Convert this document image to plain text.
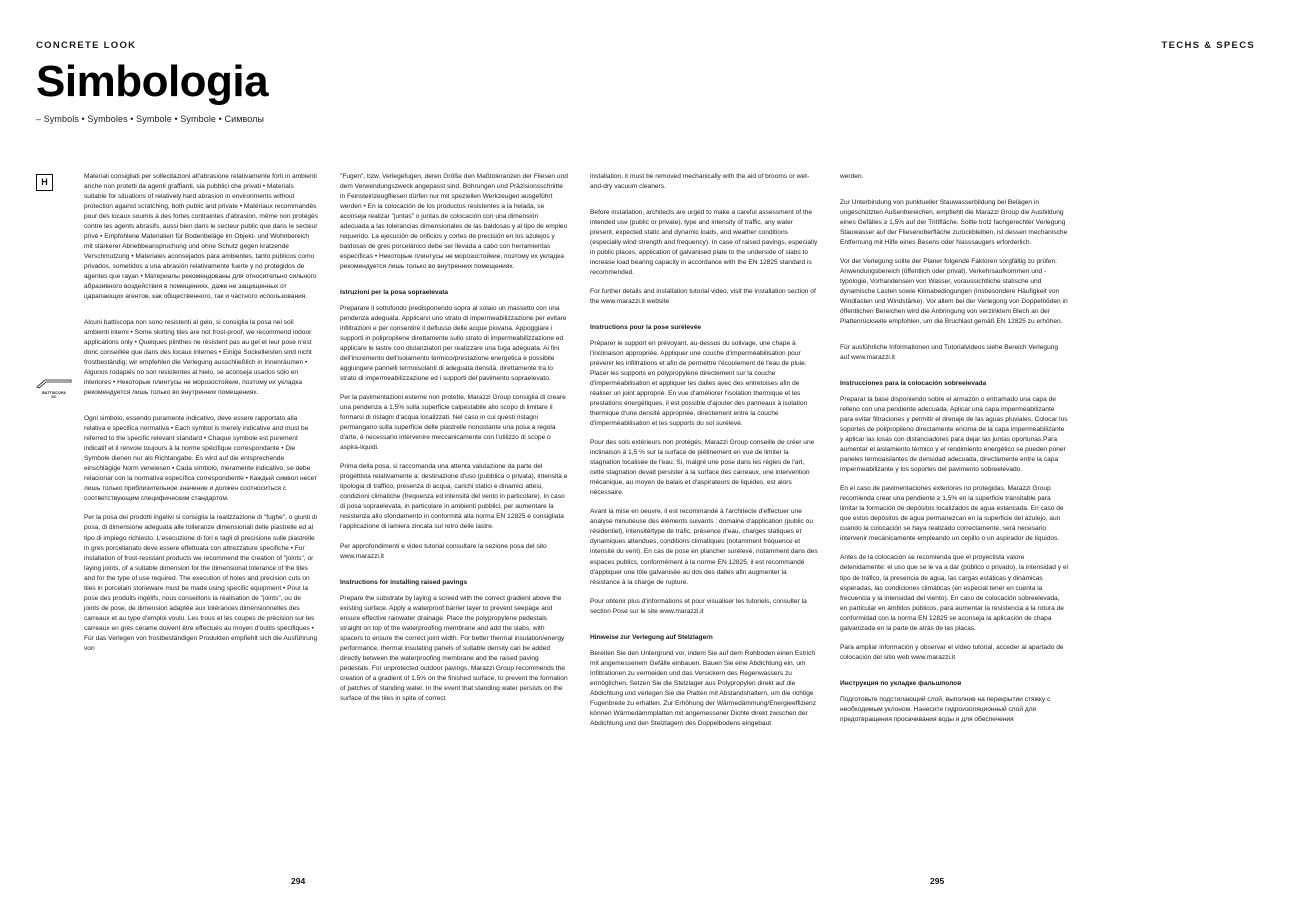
CONCRETE LOOK	TECHS & SPECS
Simbologia
– Symbols • Symboles • Symbole • Symbole • Символы
H
BATTISCOPA
SC

Materiali consigliati per sollecitazioni all'abrasione relativamente forti in ambienti anche non protetti da agenti graffianti, sia pubblici che privati • Materials suitable for situations of relatively hard abrasion in environments without protection against scratching, both public and private • Matériaux recommandés pour des locaux soumis à des fortes contraintes d'abrasion, même non protégés contre les agents abrasifs, aussi bien dans le secteur public que dans le secteur privé • Empfohlene Materialien für Bodenbeläge im Objekt- und Wohnbereich mit stärkerer Abriebbeanspruchung und ohne Schutz gegen kratzende Verschmutzung • Materiales aconsejados para ambientes, tanto públicos como privados, sometidos a una abrasión relativamente fuerte y no protegidos de agentes que rayan • Материалы рекомендованы для относительно сильного абразивного воздействия в помещениях, даже не защищенных от царапающих агентов, как общественного, так и частного использования.

Alcuni battiscopa non sono resistenti al gelo, si consiglia la posa nei soli ambienti interni • Some skirting tiles are not frost-proof, we recommend indoor applications only • Quelques plinthes ne résistent pas au gel et leur pose n'est donc conseillée que dans des locaux internes • Einige Sockelleisten sind nicht frostbeständig; wir empfehlen die Verlegung ausschließlich in Innenräumen • Algunos rodapiés no son resistentes al hielo, se aconseja usarlos sólo en interiores • Некоторые плинтусы не морозостойкие, поэтому их укладка рекомендуется лишь только во внутренних помещениях.

Ogni simbolo, essendo puramente indicativo, deve essere rapportato alla relativa e specifica normativa • Each symbol is merely indicative and must be referred to the specific relevant standard • Chaque symbole est purement indicatif et il renvoie toujours à la norme spécifique correspondante • Die Symbole dienen nur als Richtangabe. Es wird auf die entsprechende einschlägige Norm verwiesen • Cada símbolo, meramente indicativo, se debe relacionar con la normativa específica correspondiente • Каждый символ несет лишь только приблизительное значение и должен соотноситься с соответствующим специфическим стандартом.

Per la posa dei prodotti ingelivi si consiglia la realizzazione di "fughe", o giunti di posa, di dimensione adeguata alle tolleranze dimensionali delle piastrelle ed al tipo di impiego richiesto. L'esecuzione di fori e tagli di precisione sulle piastrelle in gres porcellanato deve essere effettuata con attrezzature specifiche • For installation of frost-resistant products we recommend the creation of "joints", or laying joints, of a suitable dimension for the dimensional tolerance of the tiles and for the type of use required. The execution of holes and precision cuts on tiles in porcelain stoneware must be made using specific equipment • Pour la pose des produits ingélifs, nous conseillons la réalisation de "joints", ou de joints de pose, de dimension adaptée aux tolérances dimensionnelles des carreaux et au type d'emploi voulu. Les trous et les coupes de précision sur les carreaux en grès cérame doivent être effectués au moyen d'outils spécifiques • Für das Verlegen von frostbeständigen Produkten empfiehlt sich die Ausführung von

"Fugen", bzw. Verlegefugen, deren Größe den Maßtoleranzen der Fliesen und dem Verwendungszweck angepasst sind. Bohrungen und Präzisionsschnitte in Feinsteinzeugfliesen dürfen nur mit speziellen Werkzeugen ausgeführt werden • En la colocación de los productos resistentes a la helada, se aconseja realizar "juntas" o juntas de colocación con una dimensión adecuada a las tolerancias dimensionales de las baldosas y al tipo de empleo requerido. La ejecución de orificios y cortes de precisión en los azulejos y baldosas de gres porcelánico debe ser llevada a cabo con herramientas específicas • Некоторые плинтусы не морозостойкие, поэтому их укладка рекомендуется лишь только во внутренних помещениях.

Istruzioni per la posa sopraelevata

Preparare il sottofondo predisponendo sopra al solaio un massetto con una pendenza adeguata. Applicarvi uno strato di impermeabilizzazione per evitare infiltrazioni e per consentire il deflusso delle acque piovana. Appoggiare i supporti in polipropilene direttamente sullo strato di impermeabilizzazione ed applicare le lastre con distanziatori per realizzare una fuga adeguata. Ai fini dell'incremento dell'isolamento termico/prestazione energetica è possibile aggiungere pannelli termoisolanti di adeguata densità, direttamente tra lo strato di impermeabilizzazione ed i supporti del pavimento sopraelevato.

Per la pavimentazioni esterne non protette, Marazzi Group consiglia di creare una pendenza a 1,5% sulla superficie calpestabile allo scopo di limitare il formarsi di ristagni d'acqua localizzati. Nel caso in cui questi ristagni permangano sulla superficie delle piastrelle nonostante una posa a regola d'arte, è necessario intervenire meccanicamente con l'utilizzo di scope o aspira-liquidi.

Prima della posa, si raccomanda una attenta valutazione da parte del progettista relativamente a: destinazione d'uso (pubblica o privata), intensità e tipologia di traffico, presenza di acqua, carichi statici e dinamici attesi, condizioni climatiche (frequenza ed intensità del vento in particolare). In caso di posa sopraelevata, in particolare in ambienti pubblici, per aumentare la resistenza allo sfondamento in conformità alla norma EN 12825 è consigliata l'applicazione di lamiera zincata sul retro delle lastre.

Per approfondimenti e video tutorial consultare la sezione posa del sito www.marazzi.it

Instructions for installing raised pavings

Prepare the substrate by laying a screed with the correct gradient above the existing surface. Apply a waterproof barrier layer to prevent seepage and ensure effective rainwater drainage. Place the polypropylene pedestals straight on top of the waterproofing membrane and add the slabs, with spacers to ensure the correct joint width. For better thermal insulation/energy performance, thermal insulating panels of suitable density can be added directly between the waterproofing membrane and the raised paving pedestals. For unprotected outdoor pavings, Marazzi Group recommends the creation of a gradient of 1.5% on the finished surface, to prevent the formation of patches of standing water. In the event that standing water persists on the surface of the tiles in spite of correct

installation, it must be removed mechanically with the aid of brooms or wet-and-dry vacuum cleaners.

Before installation, architects are urged to make a careful assessment of the intended use (public or private), type and intensity of traffic, any water present, expected static and dynamic loads, and weather conditions (especially wind strength and frequency). In case of raised pavings, especially in public places, application of galvanised plate to the underside of slabs to increase load bearing capacity in accordance with the EN 12825 standard is recommended.

For further details and installation tutorial video, visit the installation section of the www.marazzi.it website

Instructions pour la pose surélevée

Préparer le support en prévoyant, au-dessus du solivage, une chape à l'inclinaison appropriée. Appliquer une couche d'imperméabilisation pour prévenir les infiltrations et afin de permettre l'écoulement de l'eau de pluie. Placer les supports en polypropylène directement sur la couche d'imperméabilisation et appliquer les dalles avec des entretoises afin de réaliser un joint approprié. En vue d'améliorer l'isolation thermique et les prestations énergétiques, il est possible d'ajouter des panneaux à isolation thermique d'une densité appropriée, directement entre la couche d'imperméabilisation et les supports du sol surélevé.

Pour des sols extérieurs non protégés, Marazzi Group conseille de créer une inclinaison à 1,5 % sur la surface de piétinement en vue de limiter la stagnation localisée de l'eau. Si, malgré une pose dans les règles de l'art, cette stagnation devait persister à la surface des carreaux, une intervention mécanique, au moyen de balais et d'aspirateurs de liquides, est alors nécessaire.

Avant la mise en oeuvre, il est recommandé à l'architecte d'effectuer une analyse minutieuse des éléments suivants : domaine d'application (public ou résidentiel), intensité/type de trafic, présence d'eau, charges statiques et dynamiques attendues, conditions climatiques (notamment fréquence et intensité du vent). En cas de pose en plancher surélevé, notamment dans des espaces publics, conformément à la norme EN 12825, il est recommandé d'appliquer une tôle galvanisée au dos des dalles afin augmenter la résistance à la charge de rupture.

Pour obtenir plus d'informations et pour visualiser les tutoriels, consulter la section Pose sur le site www.marazzi.it

Hinweise zur Verlegung auf Stelzlagern

Bereiten Sie den Untergrund vor, indem Sie auf dem Rohboden einen Estrich mit angemessenem Gefälle einbauen. Bauen Sie eine Abdichtung ein, um Infiltrationen zu vermeiden und das Versickern des Regenwassers zu ermöglichen. Setzen Sie die Stelzlager aus Polypropylen direkt auf die Abdichtung und verlegen Sie die Platten mit Abstandshaltern, um die richtige Fugenbreite zu erhalten. Zur Erhöhung der Wärmedämmung/Energieeffizienz können Wärmedämmplatten mit angemessener Dichte direkt zwischen der Abdichtung und den Stelzlagern des Doppelbodens eingebaut

werden.

Zur Unterbindung von punktueller Stauwasserbildung bei Belägen in ungeschützten Außenbereichen, empfiehlt die Marazzi Group die Ausbildung eines Gefälles ≥ 1,5% auf der Trittfläche. Sollte trotz fachgerechter Verlegung Stauwasser auf der Fliesenoberfläche zurückbleiben, ist dessen mechanische Entfernung mit Hilfe eines Besens oder Nasssaugers erforderlich.

Vor der Verlegung sollte der Planer folgende Faktoren sorgfältig zu prüfen: Anwendungsbereich (öffentlich oder privat), Verkehrsaufkommen und -typologie, Vorhandensein von Wasser, voraussichtliche statische und dynamische Lasten sowie Klimabedingungen (insbesondere Häufigkeit von Windlasten und Windstärke). Vor allem bei der Verlegung von Doppelböden in öffentlichen Bereichen wird die Anbringung von verzinktem Blech an der Plattenrückseite empfohlen, um die Bruchlast gemäß EN 12825 zu erhöhen.

Für ausführliche Informationen und Tutorialvideos siehe Bereich Verlegung auf www.marazzi.it

Instrucciones para la colocación sobreelevada

Preparar la base disponiendo sobre el armazón o entramado una capa de relleno con una pendiente adecuada. Aplicar una capa impermeabilizante para evitar filtraciones y permitir el drenaje de las aguas pluviales. Colocar los soportes de polipropileno directamente encima de la capa impermeabilizante y aplicar las losas con distanciadores para dejar las juntas oportunas.Para aumentar el aislamiento térmico y el rendimiento energético se pueden poner paneles termoaislantes de densidad adecuada, directamente entre la capa impermeabilizante y los soportes del pavimento sobreelevado.

En el caso de pavimentaciones exteriores no protegidas, Marazzi Group recomienda crear una pendiente ≥ 1,5% en la superficie transitable para limitar la formación de depósitos localizados de agua estancada. En caso de que estos depósitos de agua permanezcan en la superficie del azulejo, aun cuando la colocación se haya realizado correctamente, será necesario intervenir mecánicamente empleando un cepillo o un aspirador de líquidos.

Antes de la colocación se recomienda que el proyectista valore detenidamente: el uso que se le va a dar (público o privado), la intensidad y el tipo de tráfico, la presencia de agua, las cargas estáticas y dinámicas esperadas, las condiciones climáticas (en especial tener en cuenta la frecuencia y la intensidad del viento). En caso de colocación sobreelevada, en particular en ámbitos públicos, para aumentar la resistencia a la rotura de conformidad con la norma EN 12825 se aconseja la aplicación de chapa galvanizada en la parte de atrás de las placas.

Para ampliar información y observar el vídeo tutorial, acceder al apartado de colocación del sitio web www.marazzi.it

Инструкция по укладке фальшполов

Подготовьте подстилающий слой, выполнив на перекрытии стяжку с необходимым уклоном. Нанесите гидроизоляционный слой для предотвращения просачивания воды и для обеспечения

294	295
